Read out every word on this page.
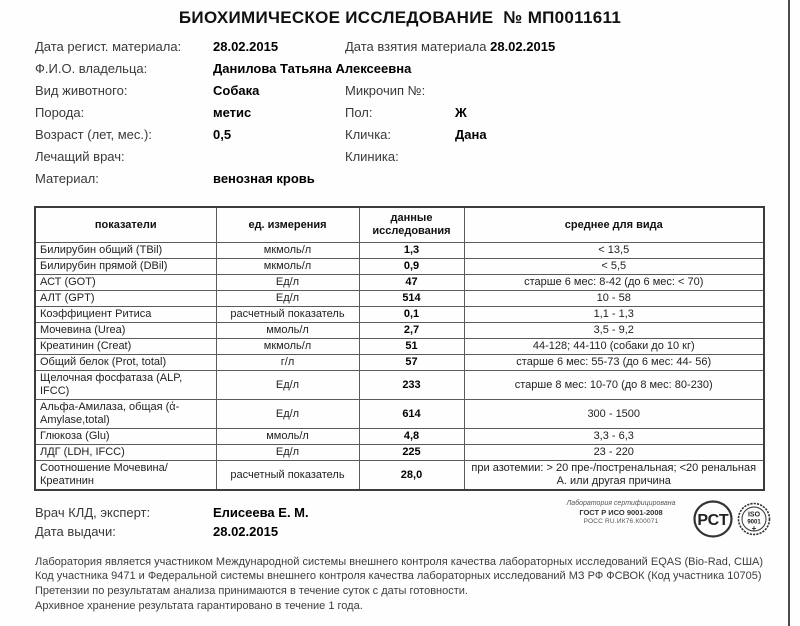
БИОХИМИЧЕСКОЕ ИССЛЕДОВАНИЕ  № МП0011611
Дата регист. материала:	28.02.2015	Дата взятия материала 28.02.2015
Ф.И.О. владельца:	Данилова Татьяна Алексеевна
Вид животного:	Собака	Микрочип №:
Порода:	метис	Пол:	Ж
Возраст (лет, мес.):	0,5	Кличка:	Дана
Лечащий врач:	Клиника:
Материал:	венозная кровь
показатели	ед. измерения	данные исследования	среднее для вида
Билирубин общий (TBil)	мкмоль/л	1,3	< 13,5
Билирубин прямой (DBil)	мкмоль/л	0,9	< 5,5
АСТ (GOT)	Ед/л	47	старше 6 мес: 8-42 (до 6 мес: < 70)
АЛТ (GPT)	Ед/л	514	10 - 58
Коэффициент Ритиса	расчетный показатель	0,1	1,1 - 1,3
Мочевина (Urea)	ммоль/л	2,7	3,5 - 9,2
Креатинин (Creat)	мкмоль/л	51	44-128; 44-110 (собаки до 10 кг)
Общий белок (Prot, total)	г/л	57	старше 6 мес: 55-73 (до 6 мес: 44- 56)
Щелочная фосфатаза (ALP, IFCC)	Ед/л	233	старше 8 мес: 10-70 (до 8 мес: 80-230)
Альфа-Амилаза, общая (ά-Amylase,total)	Ед/л	614	300 - 1500
Глюкоза (Glu)	ммоль/л	4,8	3,3 - 6,3
ЛДГ (LDH, IFCC)	Ед/л	225	23 - 220
Соотношение Мочевина/Креатинин	расчетный показатель	28,0	при азотемии: > 20 пре-/постренальная; <20 ренальная А. или другая причина
Врач КЛД, эксперт:	Елисеева Е. М.
Дата выдачи:	28.02.2015
Лаборатория сертифицирована
ГОСТ Р ИСО 9001-2008
РОСС RU.ИК76.К00071	РСТ	ISO
9001
+

Лаборатория является участником Международной системы внешнего контроля качества лабораторных исследований EQAS (Bio-Rad, США) Код участника 9471 и Федеральной системы внешнего контроля качества лабораторных исследований МЗ РФ ФСВОК (Код участника 10705)

Претензии по результатам анализа принимаются в течение суток с даты готовности.

Архивное хранение результата гарантировано в течение 1 года.
